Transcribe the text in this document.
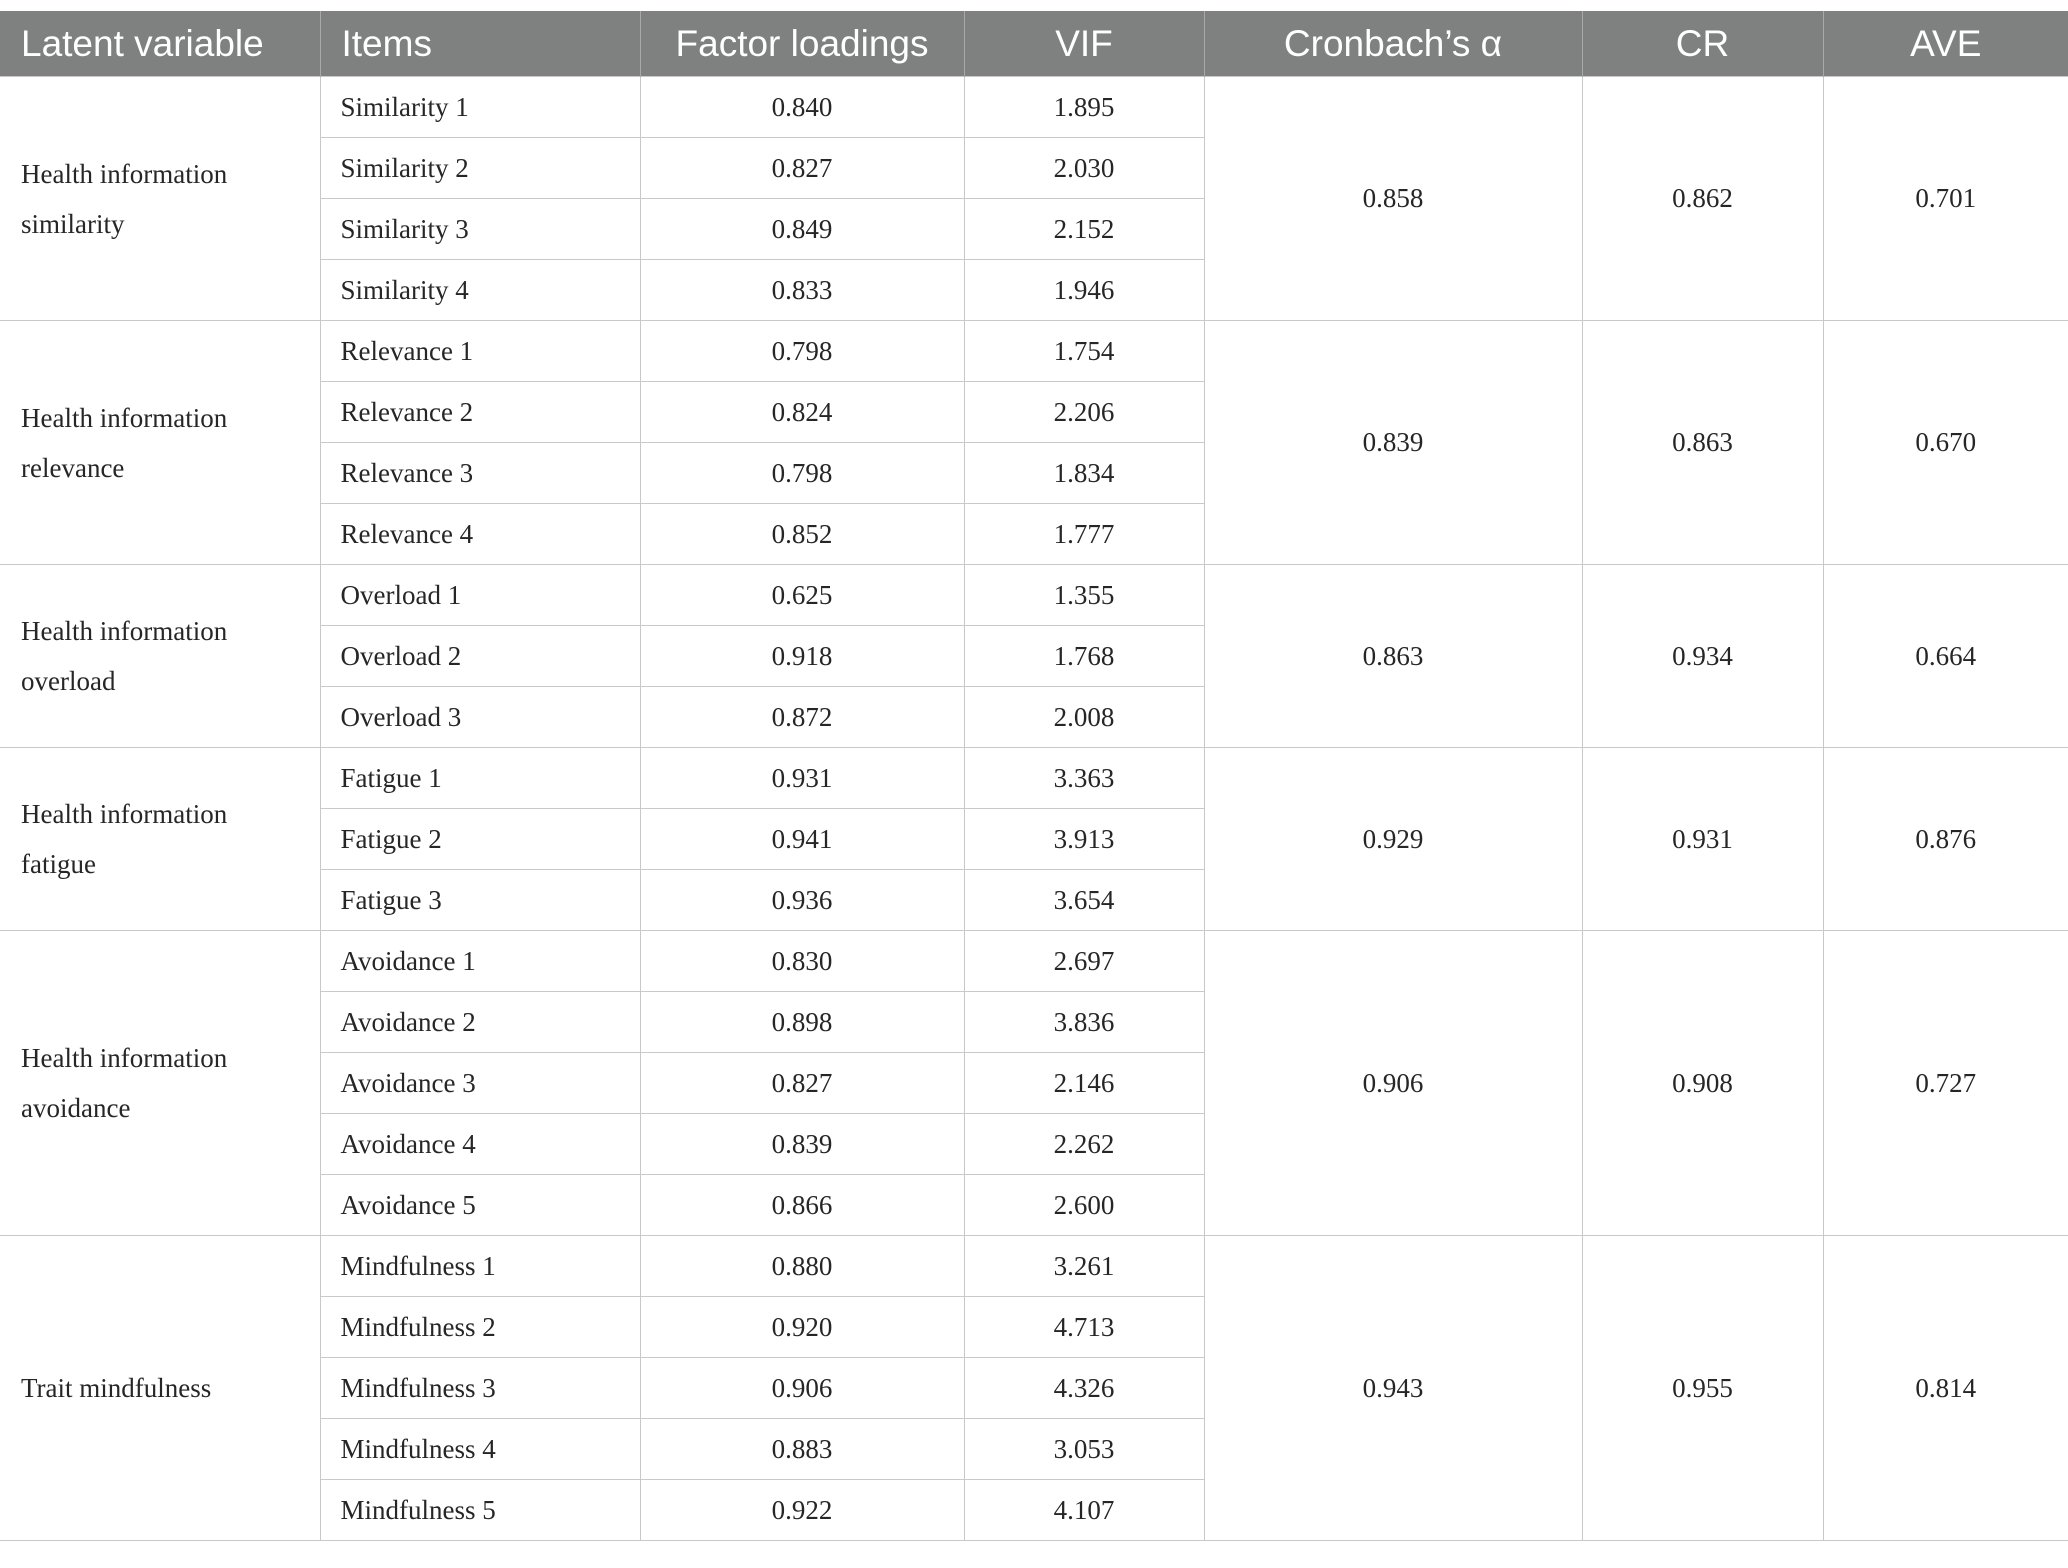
Latent variable	Items	Factor loadings	VIF	Cronbach’s α	CR	AVE
Health information similarity	Similarity 1	0.840	1.895	0.858	0.862	0.701
	Similarity 2	0.827	2.030			
	Similarity 3	0.849	2.152			
	Similarity 4	0.833	1.946			
Health information relevance	Relevance 1	0.798	1.754	0.839	0.863	0.670
	Relevance 2	0.824	2.206			
	Relevance 3	0.798	1.834			
	Relevance 4	0.852	1.777			
Health information overload	Overload 1	0.625	1.355	0.863	0.934	0.664
	Overload 2	0.918	1.768			
	Overload 3	0.872	2.008			
Health information fatigue	Fatigue 1	0.931	3.363	0.929	0.931	0.876
	Fatigue 2	0.941	3.913			
	Fatigue 3	0.936	3.654			
Health information avoidance	Avoidance 1	0.830	2.697	0.906	0.908	0.727
	Avoidance 2	0.898	3.836			
	Avoidance 3	0.827	2.146			
	Avoidance 4	0.839	2.262			
	Avoidance 5	0.866	2.600			
Trait mindfulness	Mindfulness 1	0.880	3.261	0.943	0.955	0.814
	Mindfulness 2	0.920	4.713			
	Mindfulness 3	0.906	4.326			
	Mindfulness 4	0.883	3.053			
	Mindfulness 5	0.922	4.107			
